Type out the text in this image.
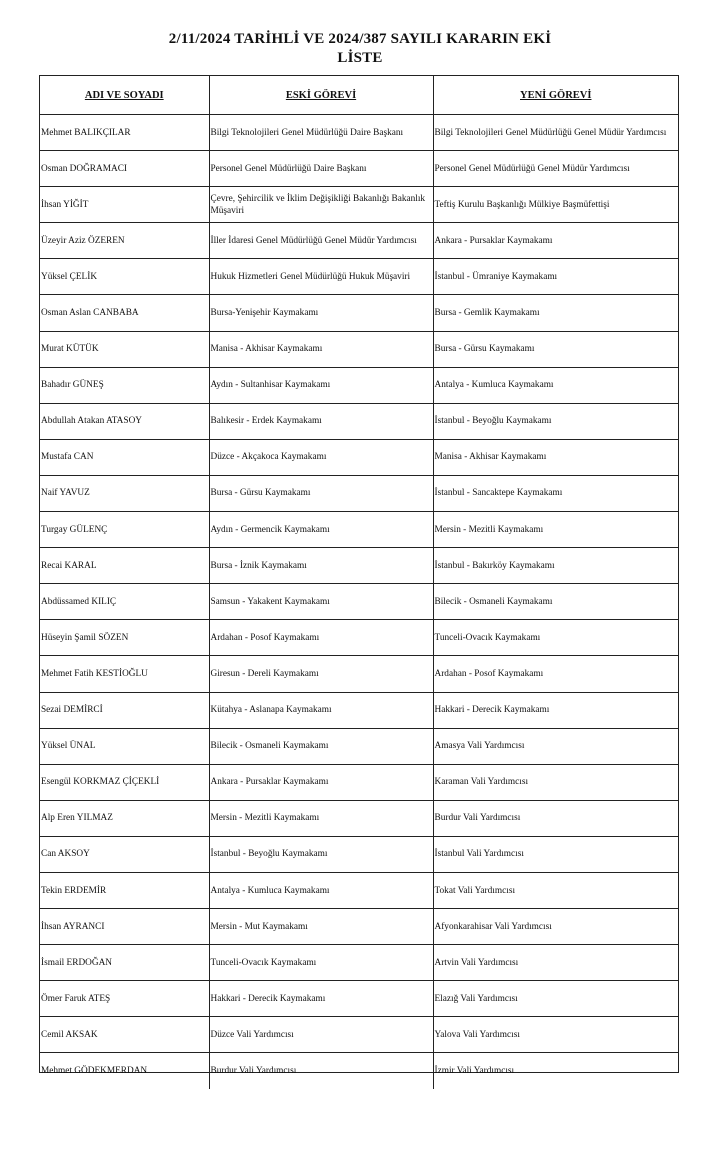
2/11/2024 TARİHLİ VE 2024/387 SAYILI KARARIN EKİ
LİSTE
ADI VE SOYADI	ESKİ GÖREVİ	YENİ GÖREVİ
Mehmet BALIKÇILAR	Bilgi Teknolojileri Genel Müdürlüğü Daire Başkanı	Bilgi Teknolojileri Genel Müdürlüğü Genel Müdür Yardımcısı
Osman DOĞRAMACI	Personel Genel Müdürlüğü Daire Başkanı	Personel Genel Müdürlüğü Genel Müdür Yardımcısı
İhsan YİĞİT	Çevre, Şehircilik ve İklim Değişikliği Bakanlığı Bakanlık Müşaviri	Teftiş Kurulu Başkanlığı Mülkiye Başmüfettişi
Üzeyir Aziz ÖZEREN	İller İdaresi Genel Müdürlüğü Genel Müdür Yardımcısı	Ankara - Pursaklar Kaymakamı
Yüksel ÇELİK	Hukuk Hizmetleri Genel Müdürlüğü Hukuk Müşaviri	İstanbul - Ümraniye Kaymakamı
Osman Aslan CANBABA	Bursa-Yenişehir Kaymakamı	Bursa - Gemlik Kaymakamı
Murat KÜTÜK	Manisa - Akhisar Kaymakamı	Bursa - Gürsu Kaymakamı
Bahadır GÜNEŞ	Aydın - Sultanhisar Kaymakamı	Antalya - Kumluca Kaymakamı
Abdullah Atakan ATASOY	Balıkesir - Erdek Kaymakamı	İstanbul - Beyoğlu Kaymakamı
Mustafa CAN	Düzce - Akçakoca Kaymakamı	Manisa - Akhisar Kaymakamı
Naif YAVUZ	Bursa - Gürsu Kaymakamı	İstanbul - Sancaktepe Kaymakamı
Turgay GÜLENÇ	Aydın - Germencik Kaymakamı	Mersin - Mezitli Kaymakamı
Recai KARAL	Bursa - İznik Kaymakamı	İstanbul - Bakırköy Kaymakamı
Abdüssamed KILIÇ	Samsun - Yakakent Kaymakamı	Bilecik - Osmaneli Kaymakamı
Hüseyin Şamil SÖZEN	Ardahan - Posof Kaymakamı	Tunceli-Ovacık Kaymakamı
Mehmet Fatih KESTİOĞLU	Giresun - Dereli Kaymakamı	Ardahan - Posof Kaymakamı
Sezai DEMİRCİ	Kütahya - Aslanapa Kaymakamı	Hakkari - Derecik Kaymakamı
Yüksel ÜNAL	Bilecik - Osmaneli Kaymakamı	Amasya Vali Yardımcısı
Esengül KORKMAZ ÇİÇEKLİ	Ankara - Pursaklar Kaymakamı	Karaman Vali Yardımcısı
Alp Eren YILMAZ	Mersin - Mezitli Kaymakamı	Burdur Vali Yardımcısı
Can AKSOY	İstanbul - Beyoğlu Kaymakamı	İstanbul Vali Yardımcısı
Tekin ERDEMİR	Antalya - Kumluca Kaymakamı	Tokat Vali Yardımcısı
İhsan AYRANCI	Mersin - Mut Kaymakamı	Afyonkarahisar Vali Yardımcısı
İsmail ERDOĞAN	Tunceli-Ovacık Kaymakamı	Artvin Vali Yardımcısı
Ömer Faruk ATEŞ	Hakkari - Derecik Kaymakamı	Elazığ Vali Yardımcısı
Cemil AKSAK	Düzce Vali Yardımcısı	Yalova Vali Yardımcısı
Mehmet GÖDEKMERDAN	Burdur Vali Yardımcısı	İzmir Vali Yardımcısı
